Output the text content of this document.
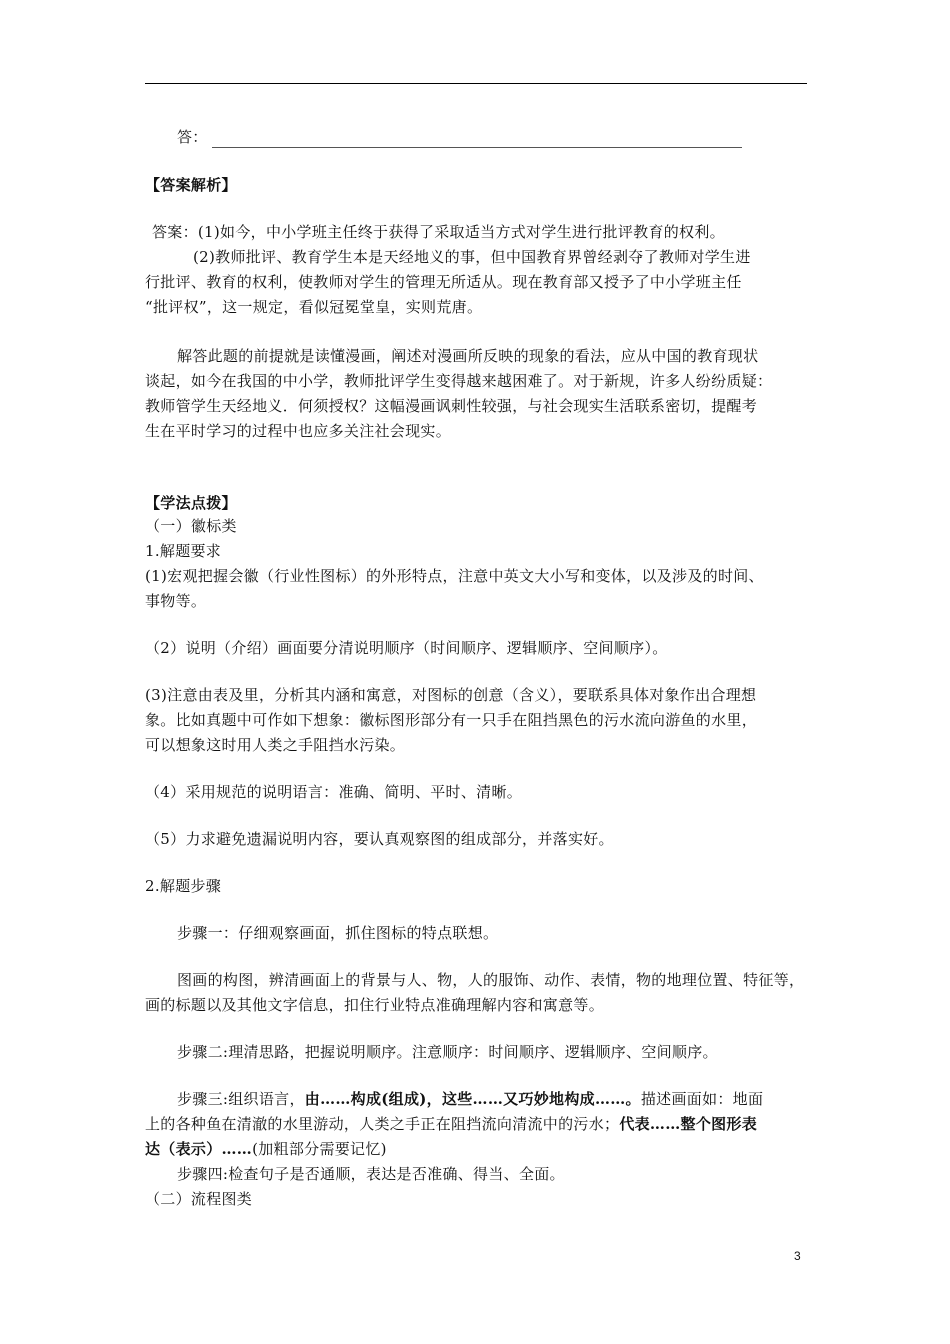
答：
【答案解析】
答案：(1)如今，中小学班主任终于获得了采取适当方式对学生进行批评教育的权利。
(2)教师批评、教育学生本是天经地义的事，但中国教育界曾经剥夺了教师对学生进
行批评、教育的权利，使教师对学生的管理无所适从。现在教育部又授予了中小学班主任
“批评权”，这一规定，看似冠冕堂皇，实则荒唐。
解答此题的前提就是读懂漫画，阐述对漫画所反映的现象的看法，应从中国的教育现状
谈起，如今在我国的中小学，教师批评学生变得越来越困难了。对于新规，许多人纷纷质疑：
教师管学生天经地义．何须授权？这幅漫画讽刺性较强，与社会现实生活联系密切，提醒考
生在平时学习的过程中也应多关注社会现实。
【学法点拨】
（一）徽标类
1.解题要求
(1)宏观把握会徽（行业性图标）的外形特点，注意中英文大小写和变体，以及涉及的时间、
事物等。
（2）说明（介绍）画面要分清说明顺序（时间顺序、逻辑顺序、空间顺序）。
(3)注意由表及里，分析其内涵和寓意，对图标的创意（含义），要联系具体对象作出合理想
象。比如真题中可作如下想象：徽标图形部分有一只手在阻挡黑色的污水流向游鱼的水里，
可以想象这时用人类之手阻挡水污染。
（4）采用规范的说明语言：准确、简明、平时、清晰。
（5）力求避免遗漏说明内容，要认真观察图的组成部分，并落实好。
2.解题步骤
步骤一：仔细观察画面，抓住图标的特点联想。
图画的构图，辨清画面上的背景与人、物，人的服饰、动作、表情，物的地理位置、特征等，
画的标题以及其他文字信息，扣住行业特点准确理解内容和寓意等。
步骤二:理清思路，把握说明顺序。注意顺序：时间顺序、逻辑顺序、空间顺序。
步骤三:组织语言，由……构成(组成)，这些……又巧妙地构成……。描述画面如：地面
上的各种鱼在清澈的水里游动，人类之手正在阻挡流向清流中的污水；代表……整个图形表
达（表示）……(加粗部分需要记忆)
步骤四:检查句子是否通顺，表达是否准确、得当、全面。
（二）流程图类
3
